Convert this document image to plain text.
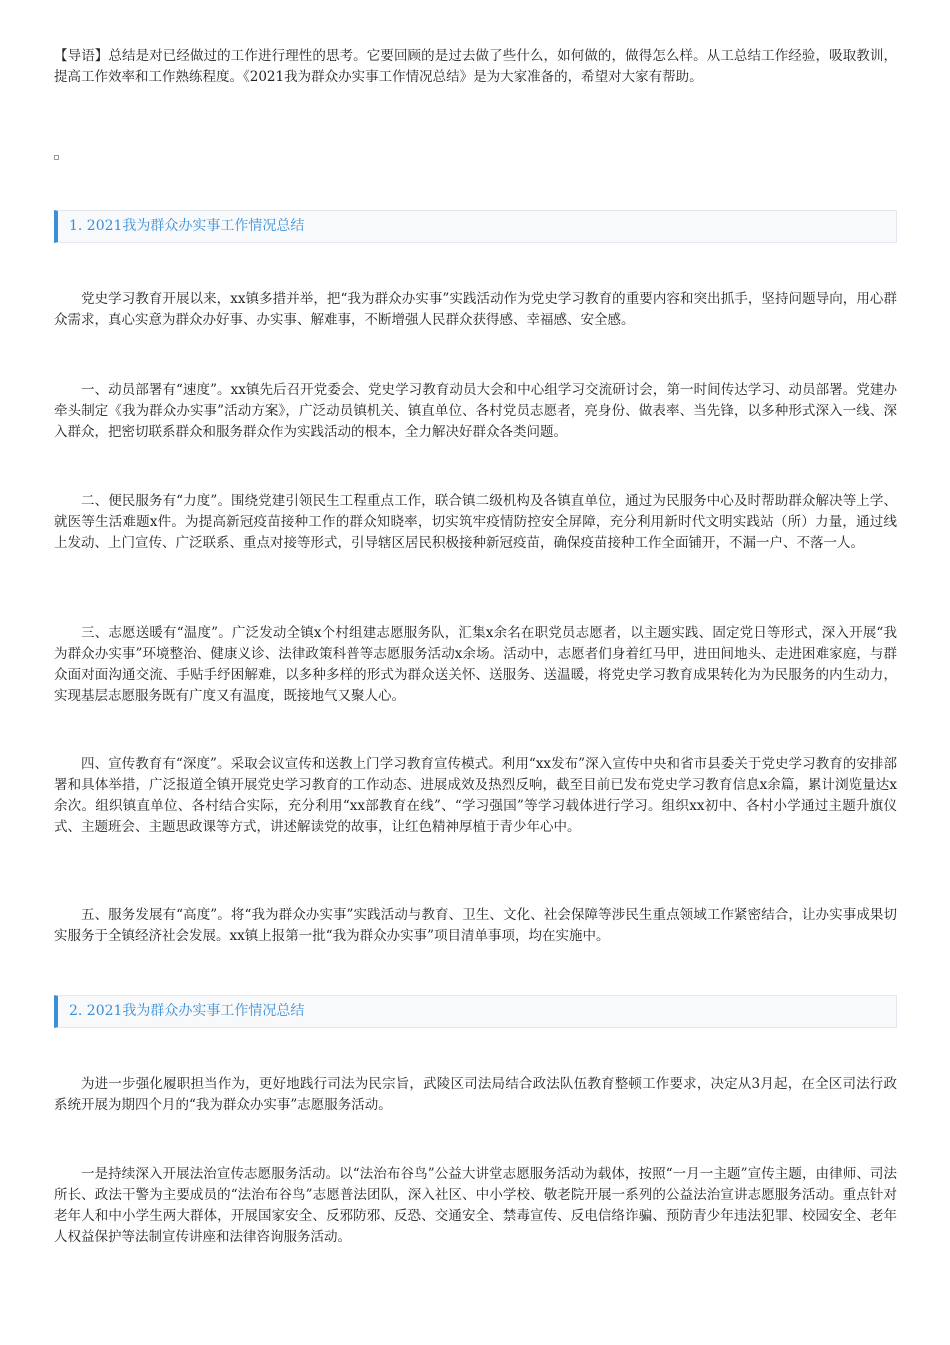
【导语】总结是对已经做过的⼯作进⾏理性的思考。它要回顾的是过去做了些什么，如何做的，做得怎么样。从⼯总结⼯作经验，吸取教训，提⾼⼯作效率和⼯作熟练程度。《2021我为群众办实事⼯作情况总结》是为⼤家准备的，希望对⼤家有帮助。
1. 2021我为群众办实事⼯作情况总结
党史学习教育开展以来，xx镇多措并举，把“我为群众办实事”实践活动作为党史学习教育的重要内容和突出抓⼿，坚持问题导向，⽤⼼群众需求，真⼼实意为群众办好事、办实事、解难事，不断增强⼈民群众获得感、幸福感、安全感。
⼀、动员部署有“速度”。xx镇先后召开党委会、党史学习教育动员⼤会和中⼼组学习交流研讨会，第⼀时间传达学习、动员部署。党建办牵头制定《我为群众办实事”活动⽅案》，⼴泛动员镇机关、镇直单位、各村党员志愿者，亮⾝份、做表率、当先锋，以多种形式深⼊⼀线、深⼊群众，把密切联系群众和服务群众作为实践活动的根本，全⼒解决好群众各类问题。
⼆、便民服务有“⼒度”。围绕党建引领民⽣⼯程重点⼯作，联合镇⼆级机构及各镇直单位，通过为民服务中⼼及时帮助群众解决等上学、就医等⽣活难题x件。为提⾼新冠疫苗接种⼯作的群众知晓率，切实筑牢疫情防控安全屏障，充分利⽤新时代⽂明实践站（所）⼒量，通过线上发动、上门宣传、⼴泛联系、重点对接等形式，引导辖区居民积极接种新冠疫苗，确保疫苗接种⼯作全⾯铺开，不漏⼀户、不落⼀⼈。
三、志愿送暖有“温度”。⼴泛发动全镇x个村组建志愿服务队，汇集x余名在职党员志愿者，以主题实践、固定党⽇等形式，深⼊开展“我为群众办实事”环境整治、健康义诊、法律政策科普等志愿服务活动x余场。活动中，志愿者们⾝着红马甲，进⽥间地头、⾛进困难家庭，与群众⾯对⾯沟通交流、⼿贴⼿纾困解难，以多种多样的形式为群众送关怀、送服务、送温暖，将党史学习教育成果转化为为民服务的内⽣动⼒，实现基层志愿服务既有⼴度⼜有温度，既接地⽓⼜聚⼈⼼。
四、宣传教育有“深度”。采取会议宣传和送教上门学习教育宣传模式。利⽤“xx发布”深⼊宣传中央和省市县委关于党史学习教育的安排部署和具体举措，⼴泛报道全镇开展党史学习教育的⼯作动态、进展成效及热烈反响，截⾄⽬前已发布党史学习教育信息x余篇，累计浏览量达x余次。组织镇直单位、各村结合实际，充分利⽤“xx部教育在线”、“学习强国”等学习载体进⾏学习。组织xx初中、各村⼩学通过主题升旗仪式、主题班会、主题思政课等⽅式，讲述解读党的故事，让红⾊精神厚植于青少年⼼中。
五、服务发展有“⾼度”。将“我为群众办实事”实践活动与教育、卫⽣、⽂化、社会保障等涉民⽣重点领域⼯作紧密结合，让办实事成果切实服务于全镇经济社会发展。xx镇上报第⼀批“我为群众办实事”项⽬清单事项，均在实施中。
2. 2021我为群众办实事⼯作情况总结
为进⼀步强化履职担当作为，更好地践⾏司法为民宗旨，武陵区司法局结合政法队伍教育整顿⼯作要求，决定从3⽉起，在全区司法⾏政系统开展为期四个⽉的“我为群众办实事”志愿服务活动。
⼀是持续深⼊开展法治宣传志愿服务活动。以“法治布⾕鸟”公益⼤讲堂志愿服务活动为载体，按照“⼀⽉⼀主题”宣传主题，由律师、司法所长、政法⼲警为主要成员的“法治布⾕鸟”志愿普法团队，深⼊社区、中⼩学校、敬⽼院开展⼀系列的公益法治宣讲志愿服务活动。重点针对⽼年⼈和中⼩学⽣两⼤群体，开展国家安全、反邪防邪、反恐、交通安全、禁毒宣传、反电信络诈骗、预防青少年违法犯罪、校园安全、⽼年⼈权益保护等法制宣传讲座和法律咨询服务活动。
